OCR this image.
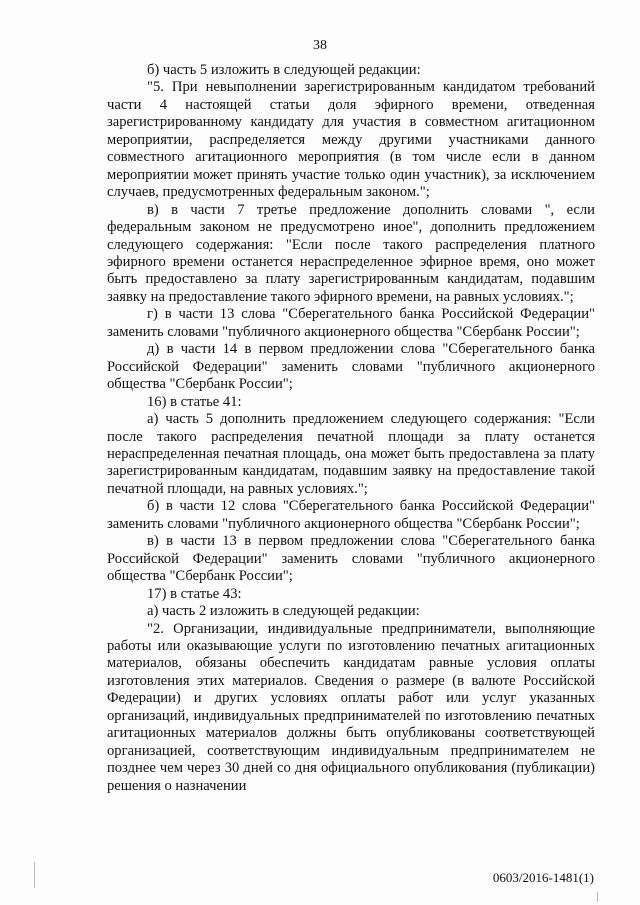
38

б) часть 5 изложить в следующей редакции:

"5. При невыполнении зарегистрированным кандидатом требований части 4 настоящей статьи доля эфирного времени, отведенная зарегистрированному кандидату для участия в совместном агитационном мероприятии, распределяется между другими участниками данного совместного агитационного мероприятия (в том числе если в данном мероприятии может принять участие только один участник), за исключением случаев, предусмотренных федеральным законом.";

в) в части 7 третье предложение дополнить словами ", если федеральным законом не предусмотрено иное", дополнить предложением следующего содержания: "Если после такого распределения платного эфирного времени останется нераспределенное эфирное время, оно может быть предоставлено за плату зарегистрированным кандидатам, подавшим заявку на предоставление такого эфирного времени, на равных условиях.";

г) в части 13 слова "Сберегательного банка Российской Федерации" заменить словами "публичного акционерного общества "Сбербанк России";

д) в части 14 в первом предложении слова "Сберегательного банка Российской Федерации" заменить словами "публичного акционерного общества "Сбербанк России";

16) в статье 41:

а) часть 5 дополнить предложением следующего содержания: "Если после такого распределения печатной площади за плату останется нераспределенная печатная площадь, она может быть предоставлена за плату зарегистрированным кандидатам, подавшим заявку на предоставление такой печатной площади, на равных условиях.";

б) в части 12 слова "Сберегательного банка Российской Федерации" заменить словами "публичного акционерного общества "Сбербанк России";

в) в части 13 в первом предложении слова "Сберегательного банка Российской Федерации" заменить словами "публичного акционерного общества "Сбербанк России";

17) в статье 43:

а) часть 2 изложить в следующей редакции:

"2. Организации, индивидуальные предприниматели, выполняющие работы или оказывающие услуги по изготовлению печатных агитационных материалов, обязаны обеспечить кандидатам равные условия оплаты изготовления этих материалов. Сведения о размере (в валюте Российской Федерации) и других условиях оплаты работ или услуг указанных организаций, индивидуальных предпринимателей по изготовлению печатных агитационных материалов должны быть опубликованы соответствующей организацией, соответствующим индивидуальным предпринимателем не позднее чем через 30 дней со дня официального опубликования (публикации) решения о назначении

0603/2016-1481(1)
